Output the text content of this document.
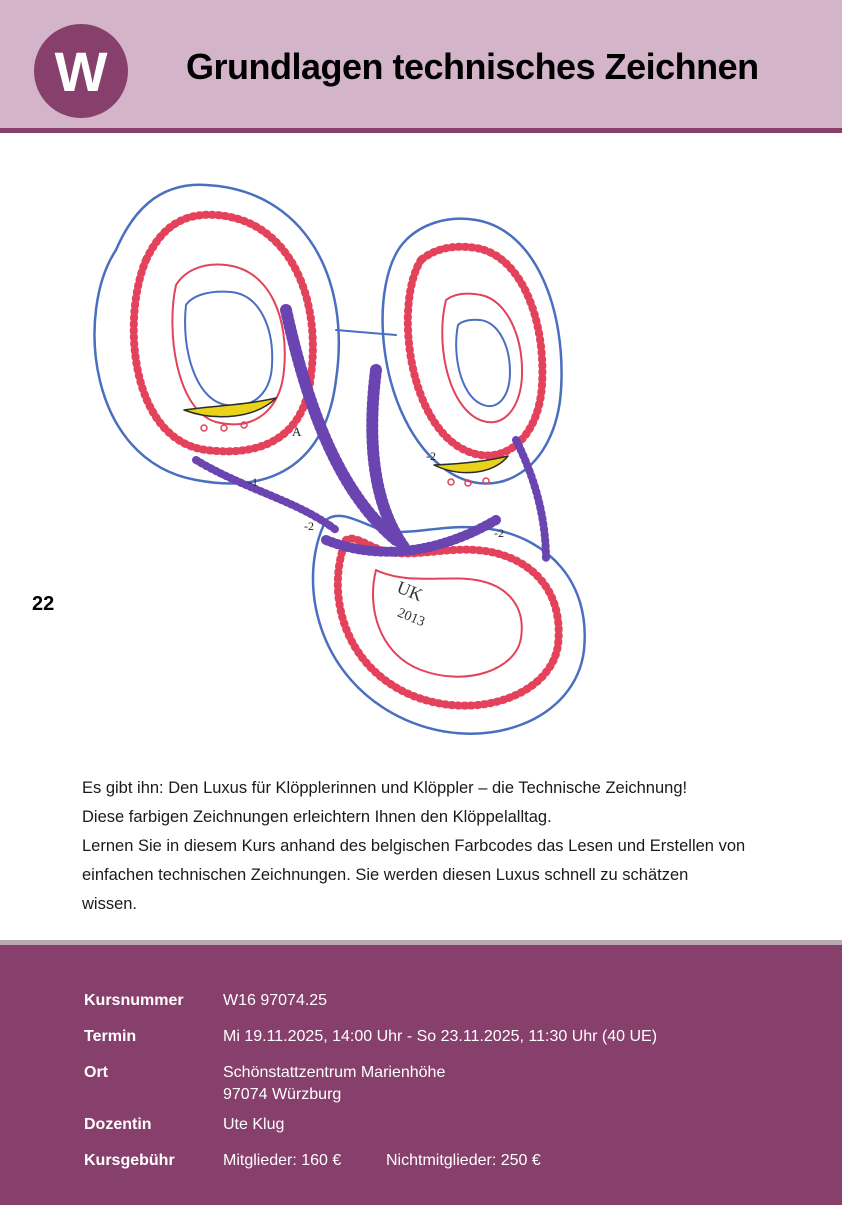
W	Grundlagen technisches Zeichnen
22
A
-1
-2	-2
-2
UK
2013

Es gibt ihn: Den Luxus für Klöpplerinnen und Klöppler – die Technische Zeichnung!

Diese farbigen Zeichnungen erleichtern Ihnen den Klöppelalltag.

Lernen Sie in diesem Kurs anhand des belgischen Farbcodes das Lesen und Erstellen von

einfachen technischen Zeichnungen. Sie werden diesen Luxus schnell zu schätzen

wissen.

Kursnummer W16 97074.25
Termin	Mi 19.11.2025, 14:00 Uhr - So 23.11.2025, 11:30 Uhr (40 UE)
Ort	Schönstattzentrum Marienhöhe
97074 Würzburg
Dozentin	Ute Klug
Kursgebühr	Mitglieder: 160 €	Nichtmitglieder: 250 €
